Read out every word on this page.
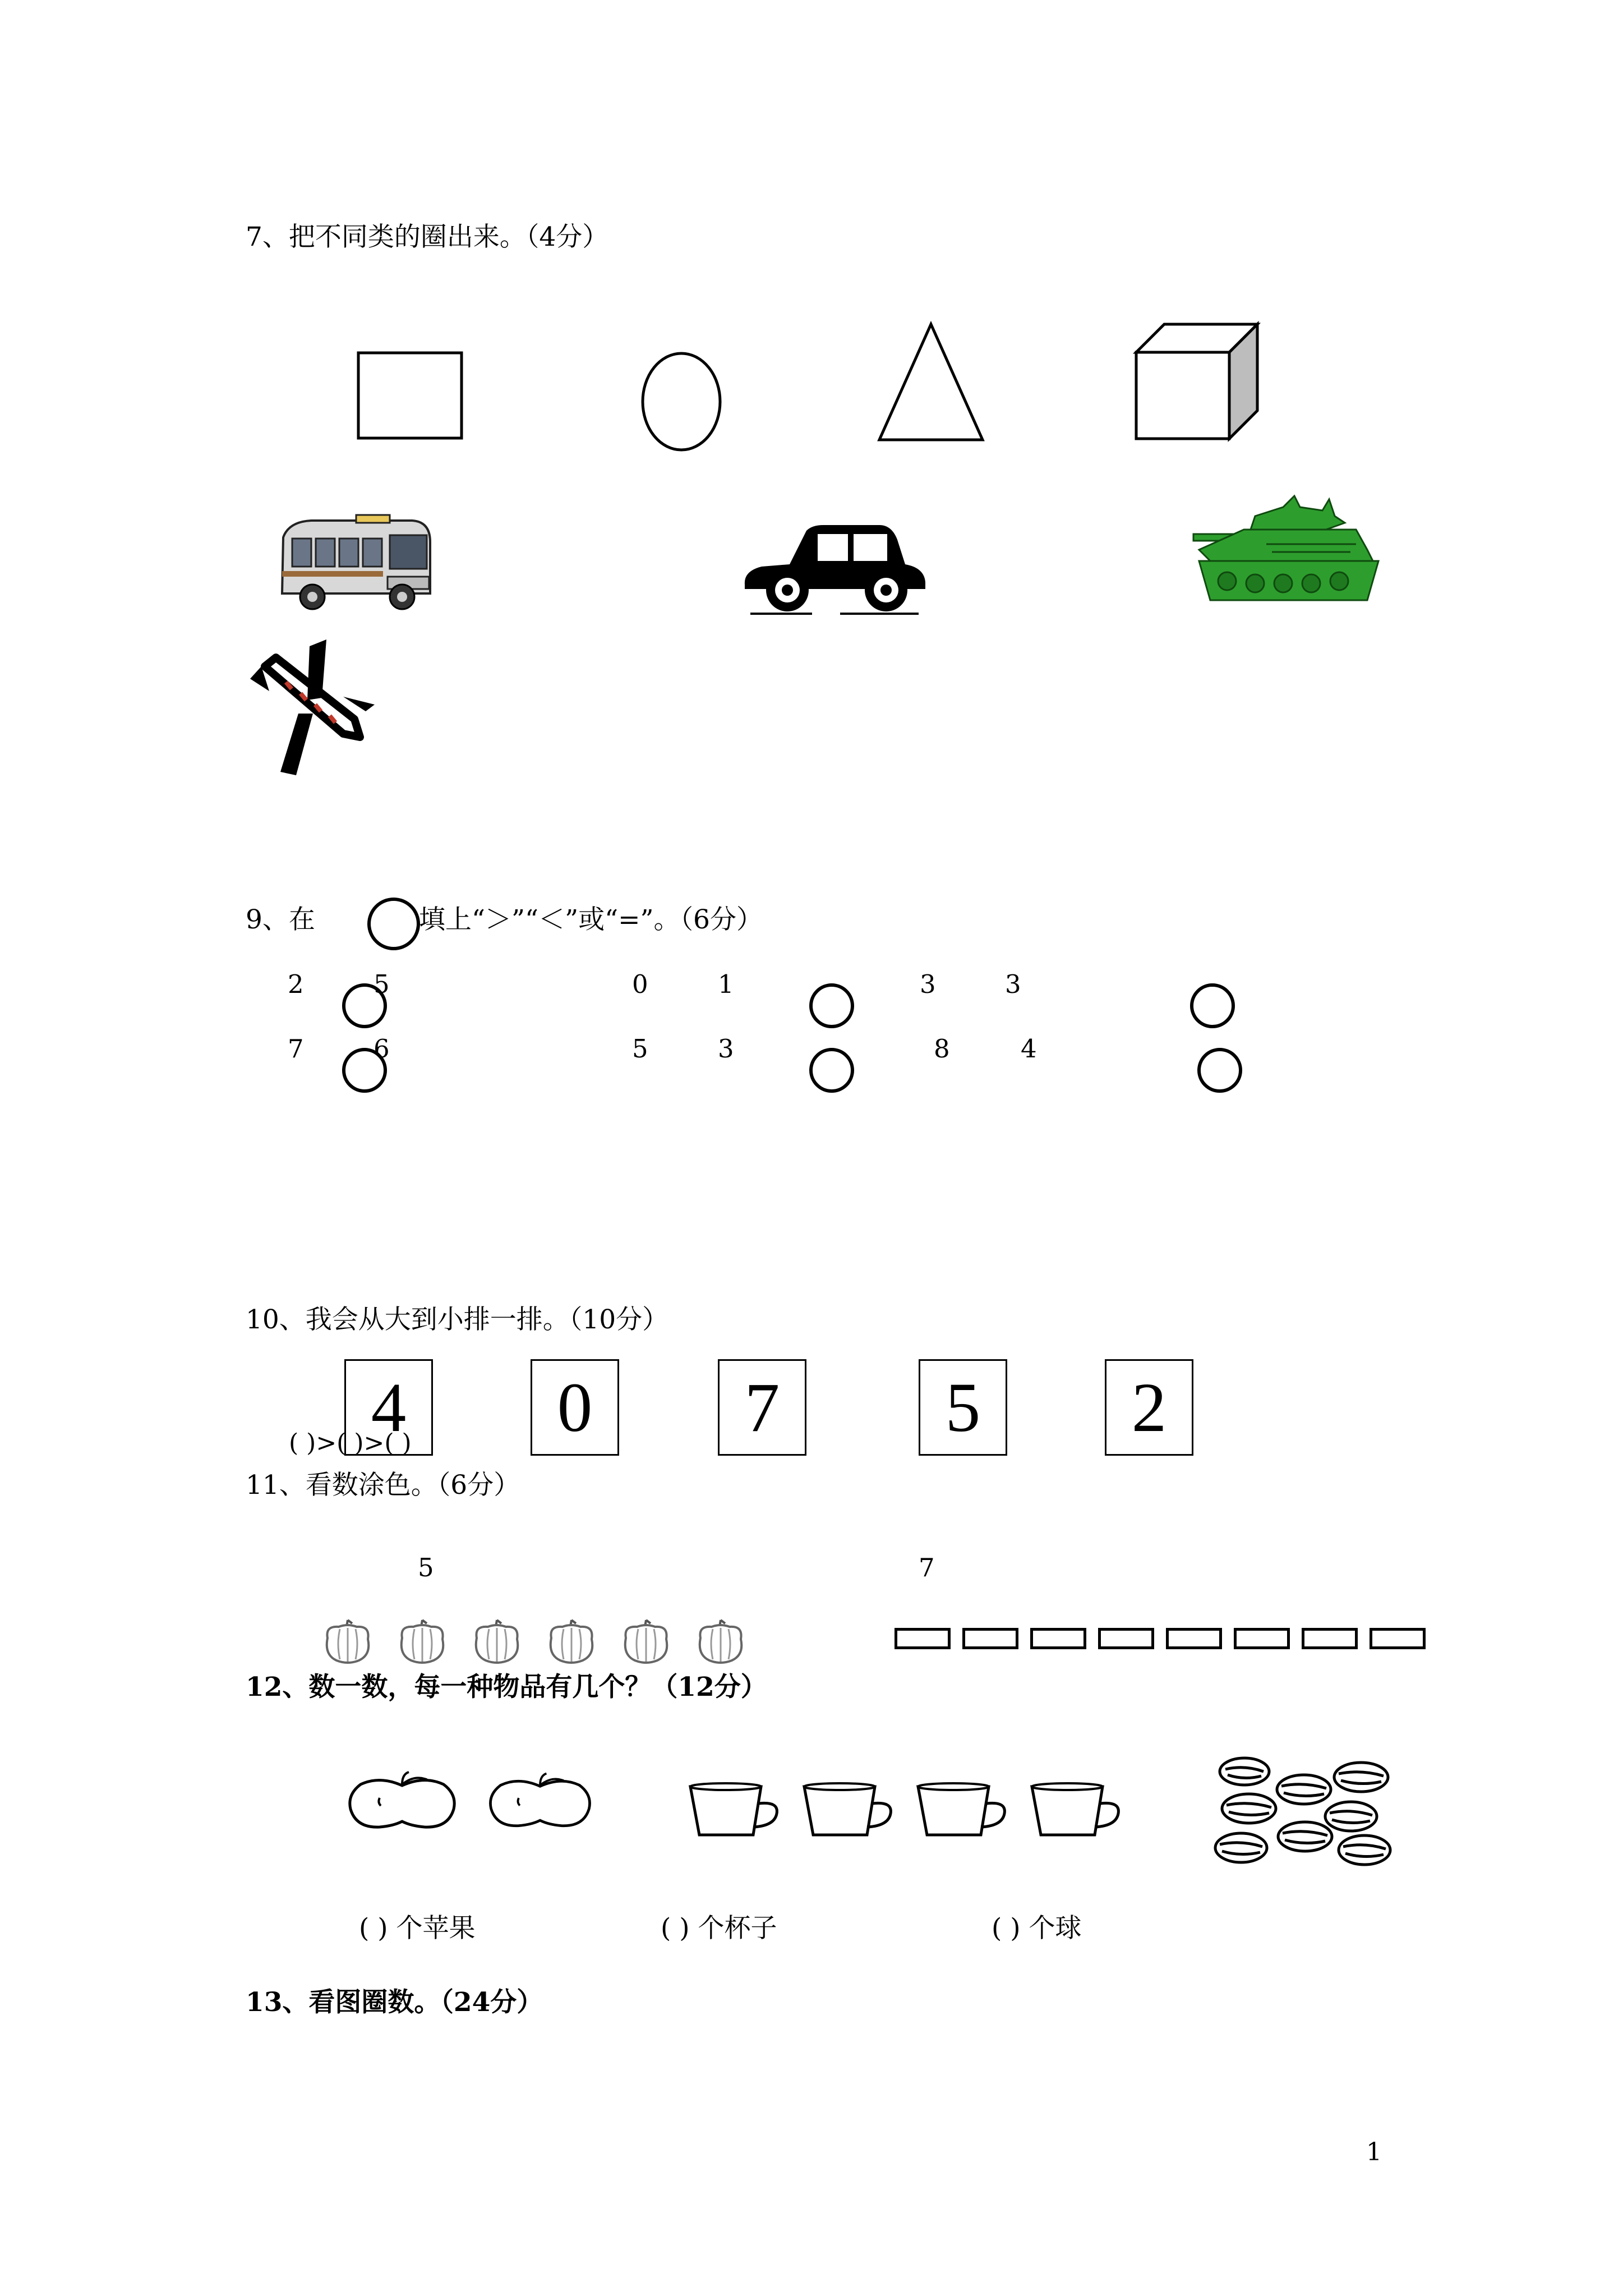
7、把不同类的圈出来。（4分）
9、在	填上“＞”“＜”或“=”。（6分）
2	5	0	1	3	3
7	6	5	3	8	4
10、我会从大到小排一排。（10分）
( )>( )>( )
4	0	7	5	2
11、看数涂色。（6分）
5	7
12、数一数，每一种物品有几个？（12分）
( ) 个苹果	( ) 个杯子	( ) 个球
13、看图圈数。（24分）
1
